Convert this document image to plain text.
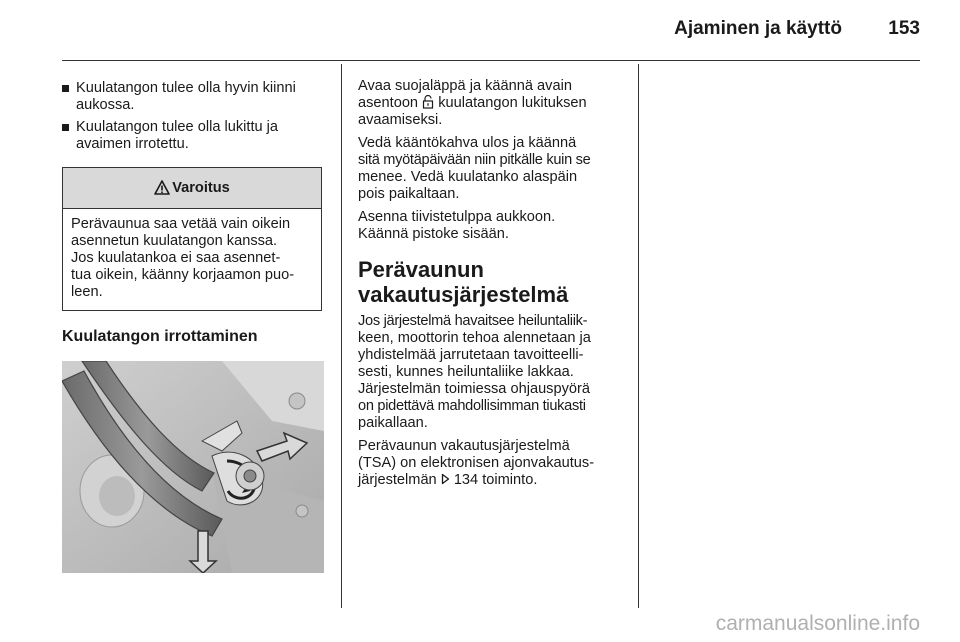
Ajaminen ja käyttö 153
Kuulatangon tulee olla hyvin kiinni aukossa.
Kuulatangon tulee olla lukittu ja avaimen irrotettu.
Varoitus
Perävaunua saa vetää vain oikein
asennetun kuulatangon kanssa.
Jos kuulatankoa ei saa asennet-
tua oikein, käänny korjaamon puo-
leen.
Kuulatangon irrottaminen
Avaa suojaläppä ja käännä avain
asentoon kuulatangon lukituksen
avaamiseksi.
Vedä kääntökahva ulos ja käännä
sitä myötäpäivään niin pitkälle kuin se
menee. Vedä kuulatanko alaspäin
pois paikaltaan.
Asenna tiivistetulppa aukkoon.
Käännä pistoke sisään.
Perävaunun
vakautusjärjestelmä
Jos järjestelmä havaitsee heiluntaliik-
keen, moottorin tehoa alennetaan ja
yhdistelmää jarrutetaan tavoitteelli-
sesti, kunnes heiluntaliike lakkaa.
Järjestelmän toimiessa ohjauspyörä
on pidettävä mahdollisimman tiukasti
paikallaan.
Perävaunun vakautusjärjestelmä
(TSA) on elektronisen ajonvakautus-
järjestelmän 134 toiminto.
carmanualsonline.info
